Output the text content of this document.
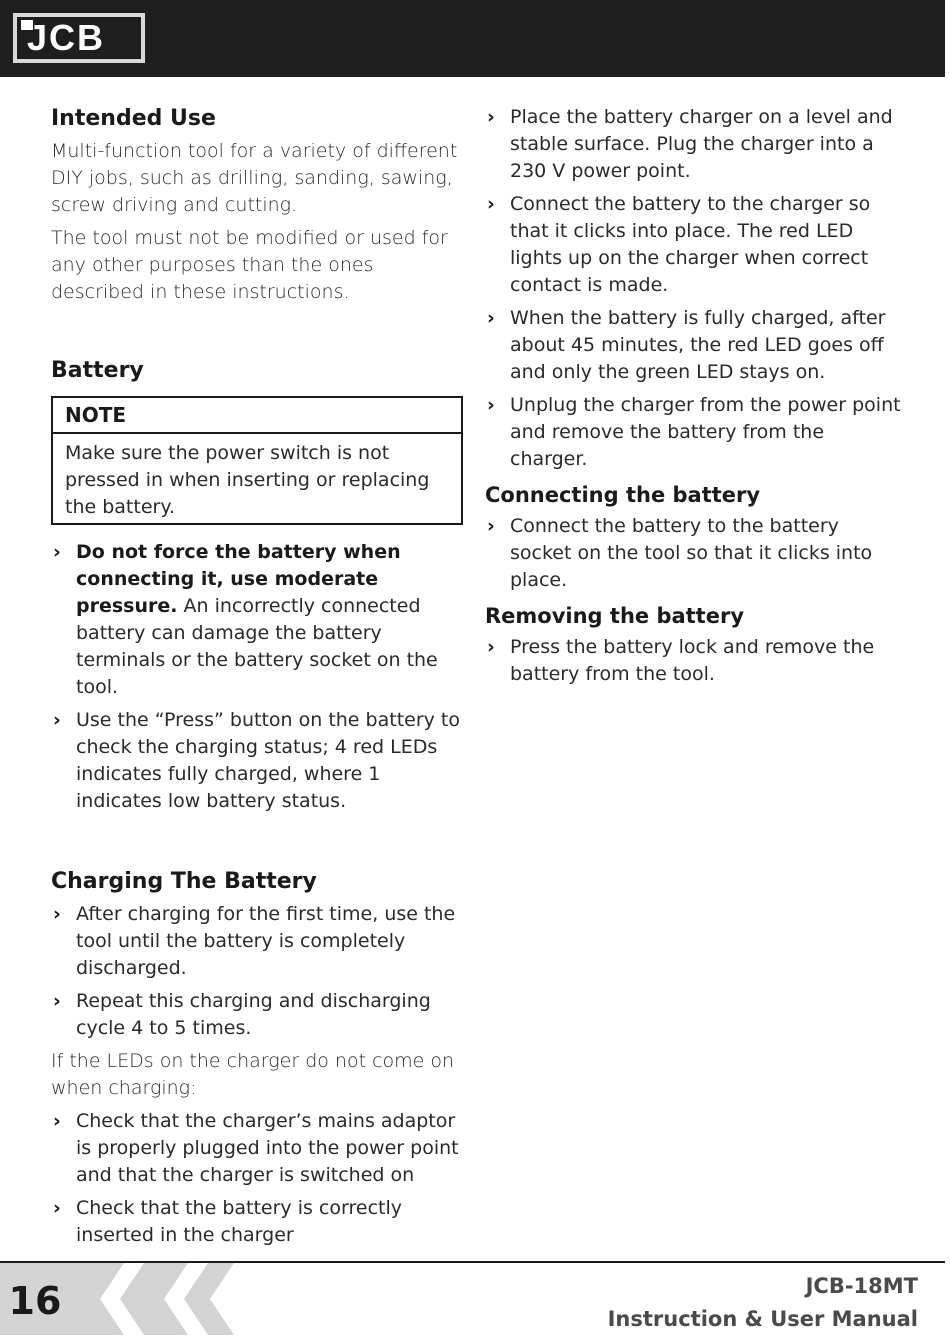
JCB
Intended Use

Multi-function tool for a variety of different DIY jobs, such as drilling, sanding, sawing, screw driving and cutting.

The tool must not be modified or used for any other purposes than the ones described in these instructions.

Battery
NOTE
Make sure the power switch is not pressed in when inserting or replacing the battery.
› Do not force the battery when connecting it, use moderate pressure. An incorrectly connected battery can damage the battery terminals or the battery socket on the tool.
› Use the “Press” button on the battery to check the charging status; 4 red LEDs indicates fully charged, where 1 indicates low battery status.
Charging The Battery
› After charging for the first time, use the tool until the battery is completely discharged.
› Repeat this charging and discharging cycle 4 to 5 times.

If the LEDs on the charger do not come on when charging:

› Check that the charger’s mains adaptor is properly plugged into the power point and that the charger is switched on
› Check that the battery is correctly inserted in the charger
› Place the battery charger on a level and stable surface. Plug the charger into a 230 V power point.
› Connect the battery to the charger so that it clicks into place. The red LED lights up on the charger when correct contact is made.
› When the battery is fully charged, after about 45 minutes, the red LED goes off and only the green LED stays on.
› Unplug the charger from the power point and remove the battery from the charger.
Connecting the battery
› Connect the battery to the battery socket on the tool so that it clicks into place.
Removing the battery
› Press the battery lock and remove the battery from the tool.
16	JCB-18MT
Instruction & User Manual
